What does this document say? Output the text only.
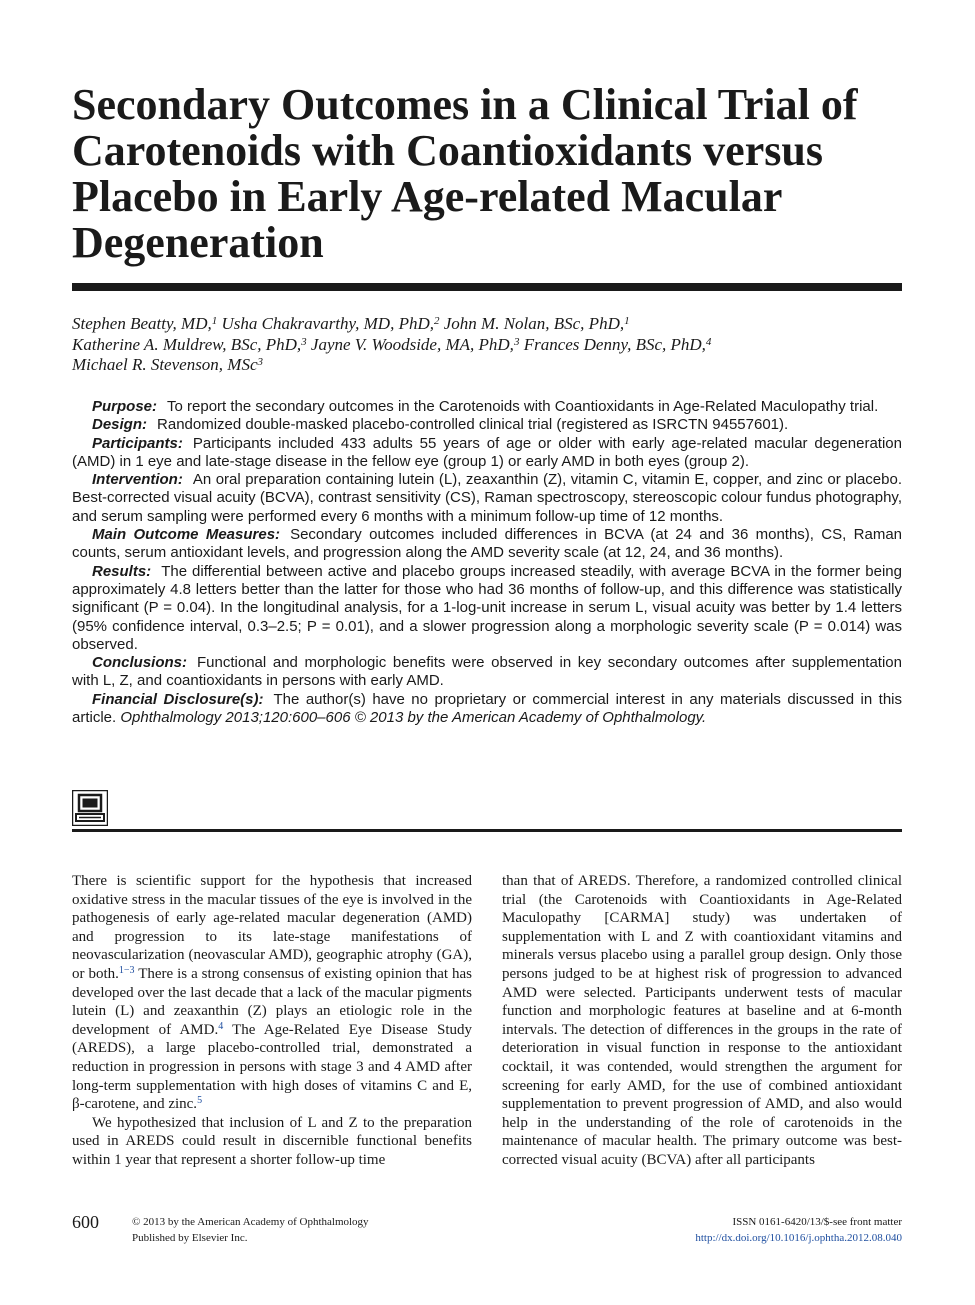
Secondary Outcomes in a Clinical Trial of Carotenoids with Coantioxidants versus Placebo in Early Age-related Macular Degeneration
Stephen Beatty, MD,$^1$ Usha Chakravarthy, MD, PhD,$^2$ John M. Nolan, BSc, PhD,$^1$
Katherine A. Muldrew, BSc, PhD,$^3$ Jayne V. Woodside, MA, PhD,$^3$ Frances Denny, BSc, PhD,$^4$
Michael R. Stevenson, MSc$^3$

Purpose: To report the secondary outcomes in the Carotenoids with Coantioxidants in Age-Related Maculopathy trial.

Design: Randomized double-masked placebo-controlled clinical trial (registered as ISRCTN 94557601).

Participants: Participants included 433 adults 55 years of age or older with early age-related macular degeneration (AMD) in 1 eye and late-stage disease in the fellow eye (group 1) or early AMD in both eyes (group 2).

Intervention: An oral preparation containing lutein (L), zeaxanthin (Z), vitamin C, vitamin E, copper, and zinc or placebo. Best-corrected visual acuity (BCVA), contrast sensitivity (CS), Raman spectroscopy, stereoscopic colour fundus photography, and serum sampling were performed every 6 months with a minimum follow-up time of 12 months.

Main Outcome Measures: Secondary outcomes included differences in BCVA (at 24 and 36 months), CS, Raman counts, serum antioxidant levels, and progression along the AMD severity scale (at 12, 24, and 36 months).

Results: The differential between active and placebo groups increased steadily, with average BCVA in the former being approximately 4.8 letters better than the latter for those who had 36 months of follow-up, and this difference was statistically significant (P = 0.04). In the longitudinal analysis, for a 1-log-unit increase in serum L, visual acuity was better by 1.4 letters (95% confidence interval, 0.3–2.5; P = 0.01), and a slower progression along a morphologic severity scale (P = 0.014) was observed.

Conclusions: Functional and morphologic benefits were observed in key secondary outcomes after supplementation with L, Z, and coantioxidants in persons with early AMD.

Financial Disclosure(s): The author(s) have no proprietary or commercial interest in any materials discussed in this article. Ophthalmology 2013;120:600–606 © 2013 by the American Academy of Ophthalmology.

There is scientific support for the hypothesis that increased oxidative stress in the macular tissues of the eye is involved in the pathogenesis of early age-related macular degeneration (AMD) and progression to its late-stage manifestations of neovascularization (neovascular AMD), geographic atrophy (GA), or both.$^{1-3}$ There is a strong consensus of existing opinion that has developed over the last decade that a lack of the macular pigments lutein (L) and zeaxanthin (Z) plays an etiologic role in the development of AMD.$^4$ The Age-Related Eye Disease Study (AREDS), a large placebo-controlled trial, demonstrated a reduction in progression in persons with stage 3 and 4 AMD after long-term supplementation with high doses of vitamins C and E, β-carotene, and zinc.$^5$

We hypothesized that inclusion of L and Z to the preparation used in AREDS could result in discernible functional benefits within 1 year that represent a shorter follow-up time

than that of AREDS. Therefore, a randomized controlled clinical trial (the Carotenoids with Coantioxidants in Age-Related Maculopathy [CARMA] study) was undertaken of supplementation with L and Z with coantioxidant vitamins and minerals versus placebo using a parallel group design. Only those persons judged to be at highest risk of progression to advanced AMD were selected. Participants underwent tests of macular function and morphologic features at baseline and at 6-month intervals. The detection of differences in the groups in the rate of deterioration in visual function in response to the antioxidant cocktail, it was contended, would strengthen the argument for screening for early AMD, for the use of combined antioxidant supplementation to prevent progression of AMD, and also would help in the understanding of the role of carotenoids in the maintenance of macular health. The primary outcome was best-corrected visual acuity (BCVA) after all participants

600	© 2013 by the American Academy of Ophthalmology
Published by Elsevier Inc.
ISSN 0161-6420/13/$-see front matter
http://dx.doi.org/10.1016/j.ophtha.2012.08.040
